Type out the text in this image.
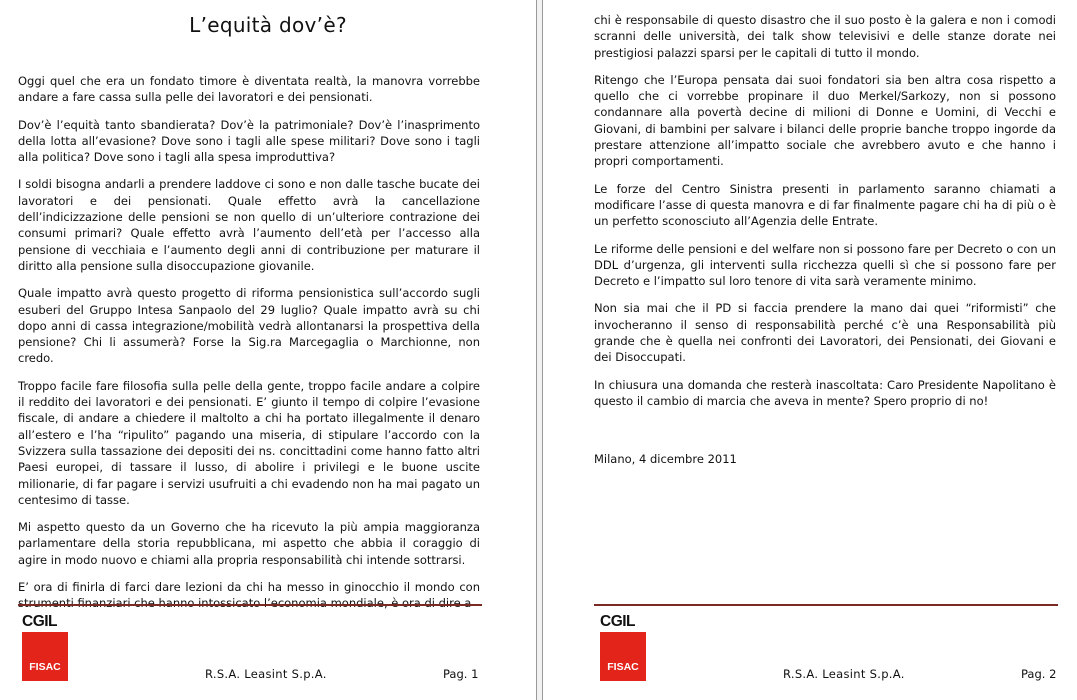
L’equità dov’è?

Oggi quel che era un fondato timore è diventata realtà, la manovra vorrebbe andare a fare cassa sulla pelle dei lavoratori e dei pensionati.

Dov’è l’equità tanto sbandierata? Dov’è la patrimoniale? Dov’è l’inasprimento della lotta all’evasione? Dove sono i tagli alle spese militari? Dove sono i tagli alla politica? Dove sono i tagli alla spesa improduttiva?

I soldi bisogna andarli a prendere laddove ci sono e non dalle tasche bucate dei lavoratori e dei pensionati. Quale effetto avrà la cancellazione dell’indicizzazione delle pensioni se non quello di un’ulteriore contrazione dei consumi primari? Quale effetto avrà l’aumento dell’età per l’accesso alla pensione di vecchiaia e l’aumento degli anni di contribuzione per maturare il diritto alla pensione sulla disoccupazione giovanile.

Quale impatto avrà questo progetto di riforma pensionistica sull’accordo sugli esuberi del Gruppo Intesa Sanpaolo del 29 luglio? Quale impatto avrà su chi dopo anni di cassa integrazione/mobilità vedrà allontanarsi la prospettiva della pensione? Chi li assumerà? Forse la Sig.ra Marcegaglia o Marchionne, non credo.

Troppo facile fare filosofia sulla pelle della gente, troppo facile andare a colpire il reddito dei lavoratori e dei pensionati. E’ giunto il tempo di colpire l’evasione fiscale, di andare a chiedere il maltolto a chi ha portato illegalmente il denaro all’estero e l’ha “ripulito” pagando una miseria, di stipulare l’accordo con la Svizzera sulla tassazione dei depositi dei ns. concittadini come hanno fatto altri Paesi europei, di tassare il lusso, di abolire i privilegi e le buone uscite milionarie, di far pagare i servizi usufruiti a chi evadendo non ha mai pagato un centesimo di tasse.

Mi aspetto questo da un Governo che ha ricevuto la più ampia maggioranza parlamentare della storia repubblicana, mi aspetto che abbia il coraggio di agire in modo nuovo e chiami alla propria responsabilità chi intende sottrarsi.

E’ ora di finirla di farci dare lezioni da chi ha messo in ginocchio il mondo con

CGIL
FISAC	R.S.A. Leasint S.p.A.	Pag. 1

chi è responsabile di questo disastro che il suo posto è la galera e non i comodi scranni delle università, dei talk show televisivi e delle stanze dorate nei prestigiosi palazzi sparsi per le capitali di tutto il mondo.

Ritengo che l’Europa pensata dai suoi fondatori sia ben altra cosa rispetto a quello che ci vorrebbe propinare il duo Merkel/Sarkozy, non si possono condannare alla povertà decine di milioni di Donne e Uomini, di Vecchi e Giovani, di bambini per salvare i bilanci delle proprie banche troppo ingorde da prestare attenzione all’impatto sociale che avrebbero avuto e che hanno i propri comportamenti.

Le forze del Centro Sinistra presenti in parlamento saranno chiamati a modificare l’asse di questa manovra e di far finalmente pagare chi ha di più o è un perfetto sconosciuto all’Agenzia delle Entrate.

Le riforme delle pensioni e del welfare non si possono fare per Decreto o con un DDL d’urgenza, gli interventi sulla ricchezza quelli sì che si possono fare per Decreto e l’impatto sul loro tenore di vita sarà veramente minimo.

Non sia mai che il PD si faccia prendere la mano dai quei “riformisti” che invocheranno il senso di responsabilità perché c’è una Responsabilità più grande che è quella nei confronti dei Lavoratori, dei Pensionati, dei Giovani e dei Disoccupati.

In chiusura una domanda che resterà inascoltata: Caro Presidente Napolitano è questo il cambio di marcia che aveva in mente? Spero proprio di no!

Milano, 4 dicembre 2011

CGIL
FISAC	R.S.A. Leasint S.p.A.	Pag. 2
